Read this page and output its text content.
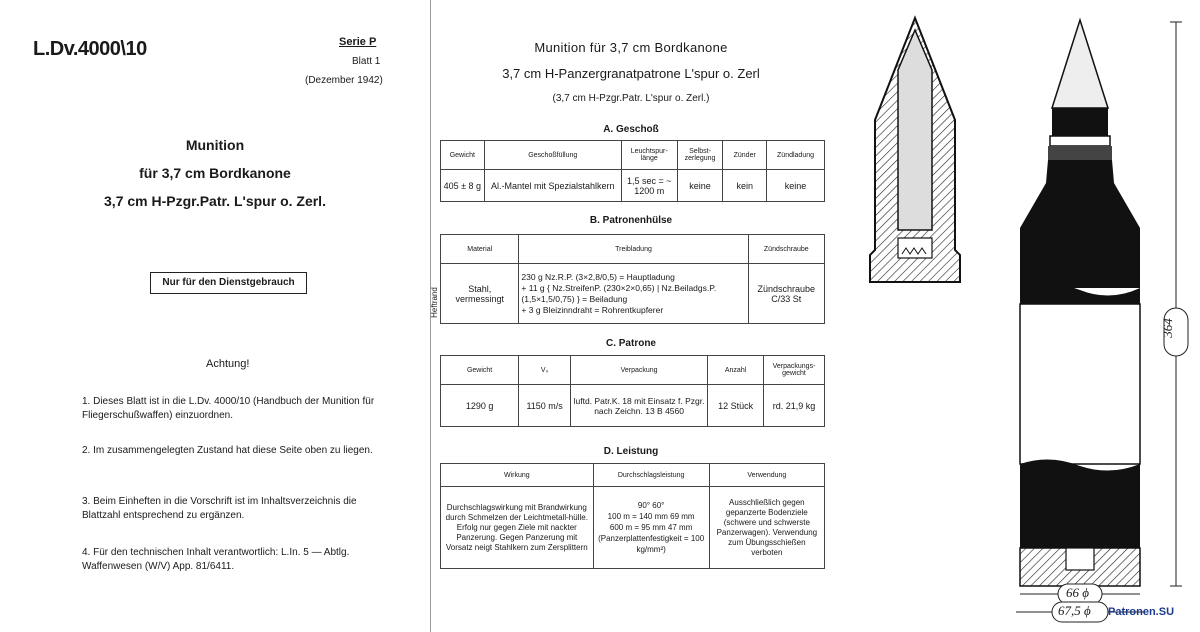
L.Dv.4000\10	Serie P
Blatt 1
(Dezember 1942)
Munition
für 3,7 cm Bordkanone
3,7 cm H-Pzgr.Patr. L'spur o. Zerl.
Nur für den Dienstgebrauch
Achtung!
1. Dieses Blatt ist in die L.Dv. 4000/10 (Handbuch der Munition für Fliegerschußwaffen) einzuordnen.
2. Im zusammengelegten Zustand hat diese Seite oben zu liegen.
3. Beim Einheften in die Vorschrift ist im Inhaltsverzeichnis die Blattzahl entsprechend zu ergänzen.
4. Für den technischen Inhalt verantwortlich: L.In. 5 — Abtlg. Waffenwesen (W/V) App. 81/6411.
Munition für 3,7 cm Bordkanone
3,7 cm H-Panzergranatpatrone L'spur o. Zerl
(3,7 cm H-Pzgr.Patr. L'spur o. Zerl.)
Heftrand
A. Geschoß
Gewicht	Geschoßfüllung	Leuchtspur-länge	Selbst-zerlegung	Zünder	Zündladung
405 ± 8 g	Al.-Mantel mit Spezialstahlkern	1,5 sec = ~ 1200 m	keine	kein	keine
B. Patronenhülse
Material	Treibladung	Zündschraube
Stahl, vermessingt	230 g Nz.R.P. (3×2,8/0,5) = Hauptladung
+ 11 g { Nz.StreifenP. (230×2×0,65) | Nz.Beiladgs.P. (1,5×1,5/0,75) } = Beiladung
+ 3 g Bleizinndraht = Rohrentkupferer	Zündschraube C/33 St
C. Patrone
Gewicht	V₀	Verpackung	Anzahl	Verpackungs-gewicht
1290 g	1150 m/s	luftd. Patr.K. 18 mit Einsatz f. Pzgr. nach Zeichn. 13 B 4560	12 Stück	rd. 21,9 kg
D. Leistung
Wirkung	Durchschlagsleistung	Verwendung
Durchschlagswirkung mit Brandwirkung durch Schmelzen der Leichtmetall-hülle. Erfolg nur gegen Ziele mit nackter Panzerung. Gegen Panzerung mit Vorsatz neigt Stahlkern zum Zersplittern	90° 60°
100 m = 140 mm 69 mm
600 m = 95 mm 47 mm
(Panzerplattenfestigkeit = 100 kg/mm²)	Ausschließlich gegen gepanzerte Bodenziele (schwere und schwerste Panzerwagen). Verwendung zum Übungsschießen verboten
364
66 ϕ
67,5 ϕ Patronen.SU
